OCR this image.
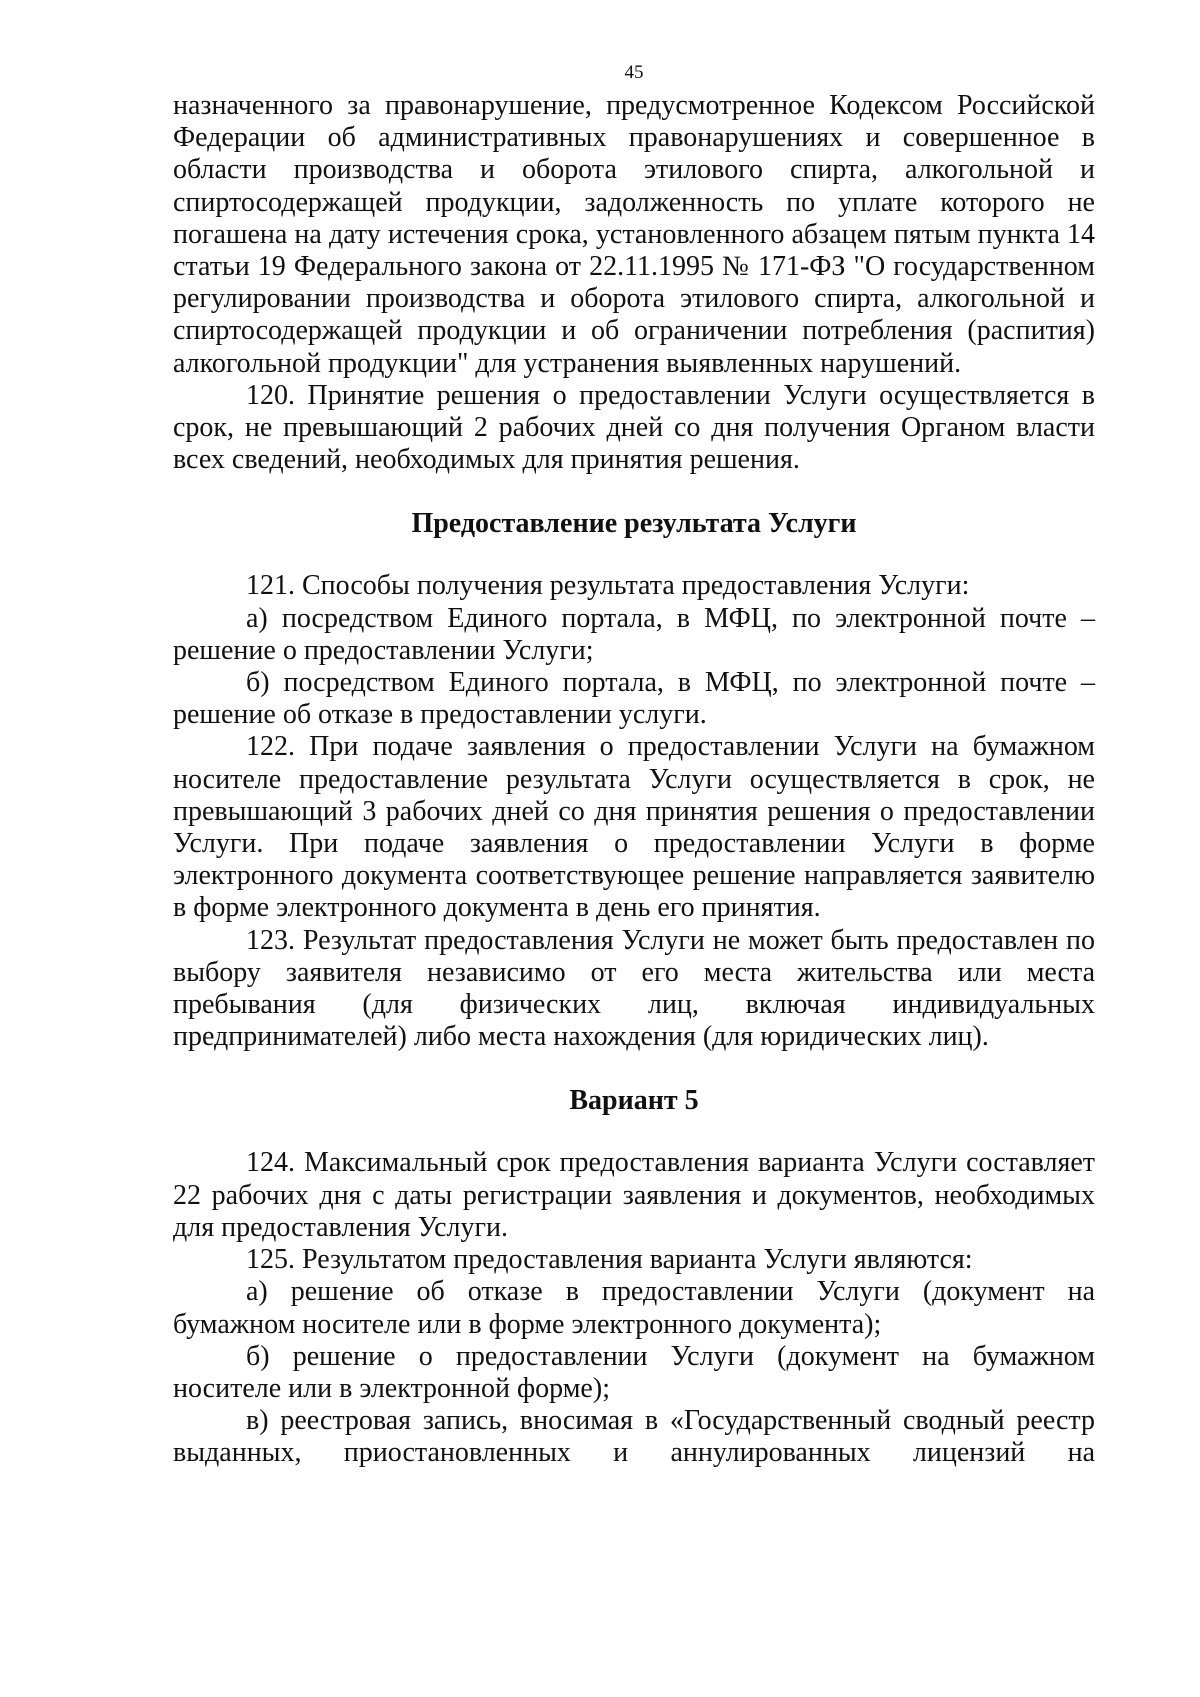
45

назначенного за правонарушение, предусмотренное Кодексом Российской Федерации об административных правонарушениях и совершенное в области производства и оборота этилового спирта, алкогольной и спиртосодержащей продукции, задолженность по уплате которого не погашена на дату истечения срока, установленного абзацем пятым пункта 14 статьи 19 Федерального закона от 22.11.1995 № 171-ФЗ "О государственном регулировании производства и оборота этилового спирта, алкогольной и спиртосодержащей продукции и об ограничении потребления (распития) алкогольной продукции" для устранения выявленных нарушений.

120. Принятие решения о предоставлении Услуги осуществляется в срок, не превышающий 2 рабочих дней со дня получения Органом власти всех сведений, необходимых для принятия решения.

Предоставление результата Услуги

121. Способы получения результата предоставления Услуги:

а) посредством Единого портала, в МФЦ, по электронной почте – решение о предоставлении Услуги;

б) посредством Единого портала, в МФЦ, по электронной почте – решение об отказе в предоставлении услуги.

122. При подаче заявления о предоставлении Услуги на бумажном носителе предоставление результата Услуги осуществляется в срок, не превышающий 3 рабочих дней со дня принятия решения о предоставлении Услуги. При подаче заявления о предоставлении Услуги в форме электронного документа соответствующее решение направляется заявителю в форме электронного документа в день его принятия.

123. Результат предоставления Услуги не может быть предоставлен по выбору заявителя независимо от его места жительства или места пребывания (для физических лиц, включая индивидуальных предпринимателей) либо места нахождения (для юридических лиц).

Вариант 5

124. Максимальный срок предоставления варианта Услуги составляет 22 рабочих дня с даты регистрации заявления и документов, необходимых для предоставления Услуги.

125. Результатом предоставления варианта Услуги являются:

а) решение об отказе в предоставлении Услуги (документ на бумажном носителе или в форме электронного документа);

б) решение о предоставлении Услуги (документ на бумажном носителе или в электронной форме);

в) реестровая запись, вносимая в «Государственный сводный реестр выданных, приостановленных и аннулированных лицензий на
